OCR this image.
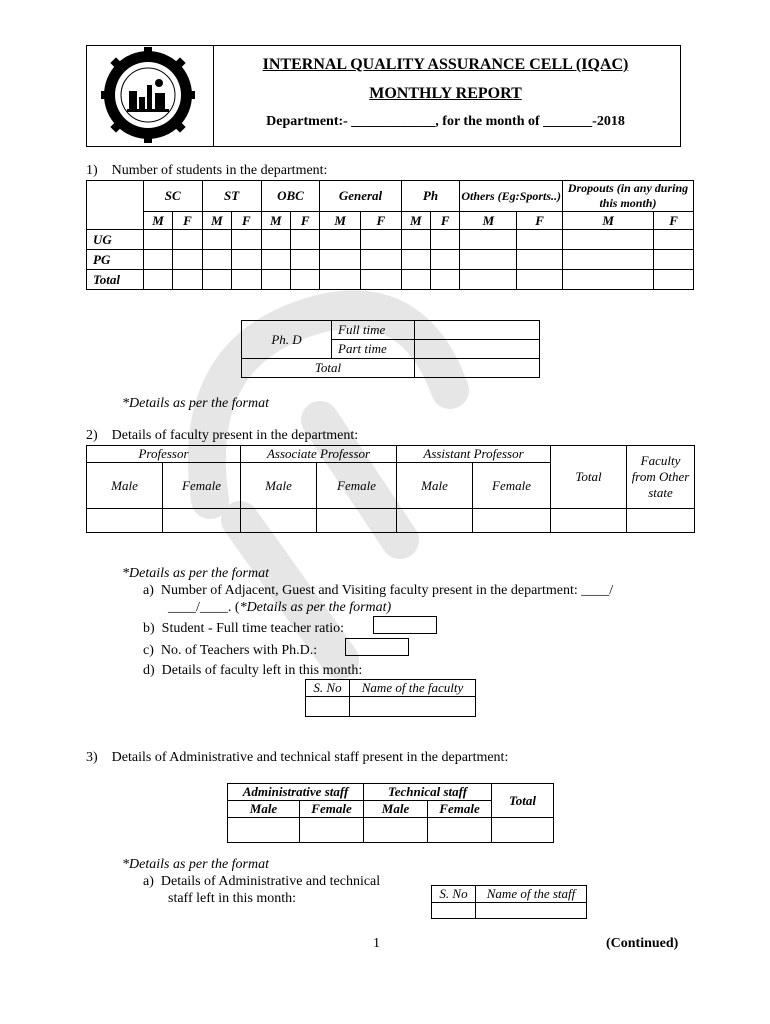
INTERNAL QUALITY ASSURANCE CELL (IQAC)
MONTHLY REPORT
Department:- ____________, for the month of _______-2018
1)    Number of students in the department:
	SC		ST		OBC		General		Ph		Others (Eg:Sports..)		Dropouts (in any during this month)	
	M	F	M	F	M	F	M	F	M	F	M	F	M	F
UG														
PG														
Total														
Ph. D	Full time	
	Part time	
Total		
*Details as per the format
2)    Details of faculty present in the department:
Professor		Associate Professor		Assistant Professor		Total	Faculty from Other state
Male	Female	Male	Female	Male	Female		

*Details as per the format
a)  Number of Adjacent, Guest and Visiting faculty present in the department: ____/
____/____. (*Details as per the format)
b)  Student - Full time teacher ratio:
c)  No. of Teachers with Ph.D.:
d)  Details of faculty left in this month:
S. No	Name of the faculty

3)    Details of Administrative and technical staff present in the department:
Administrative staff		Technical staff		Total
Male	Female	Male	Female	

*Details as per the format
a)  Details of Administrative and technical
staff left in this month:	S. No	Name of the staff

1	(Continued)
